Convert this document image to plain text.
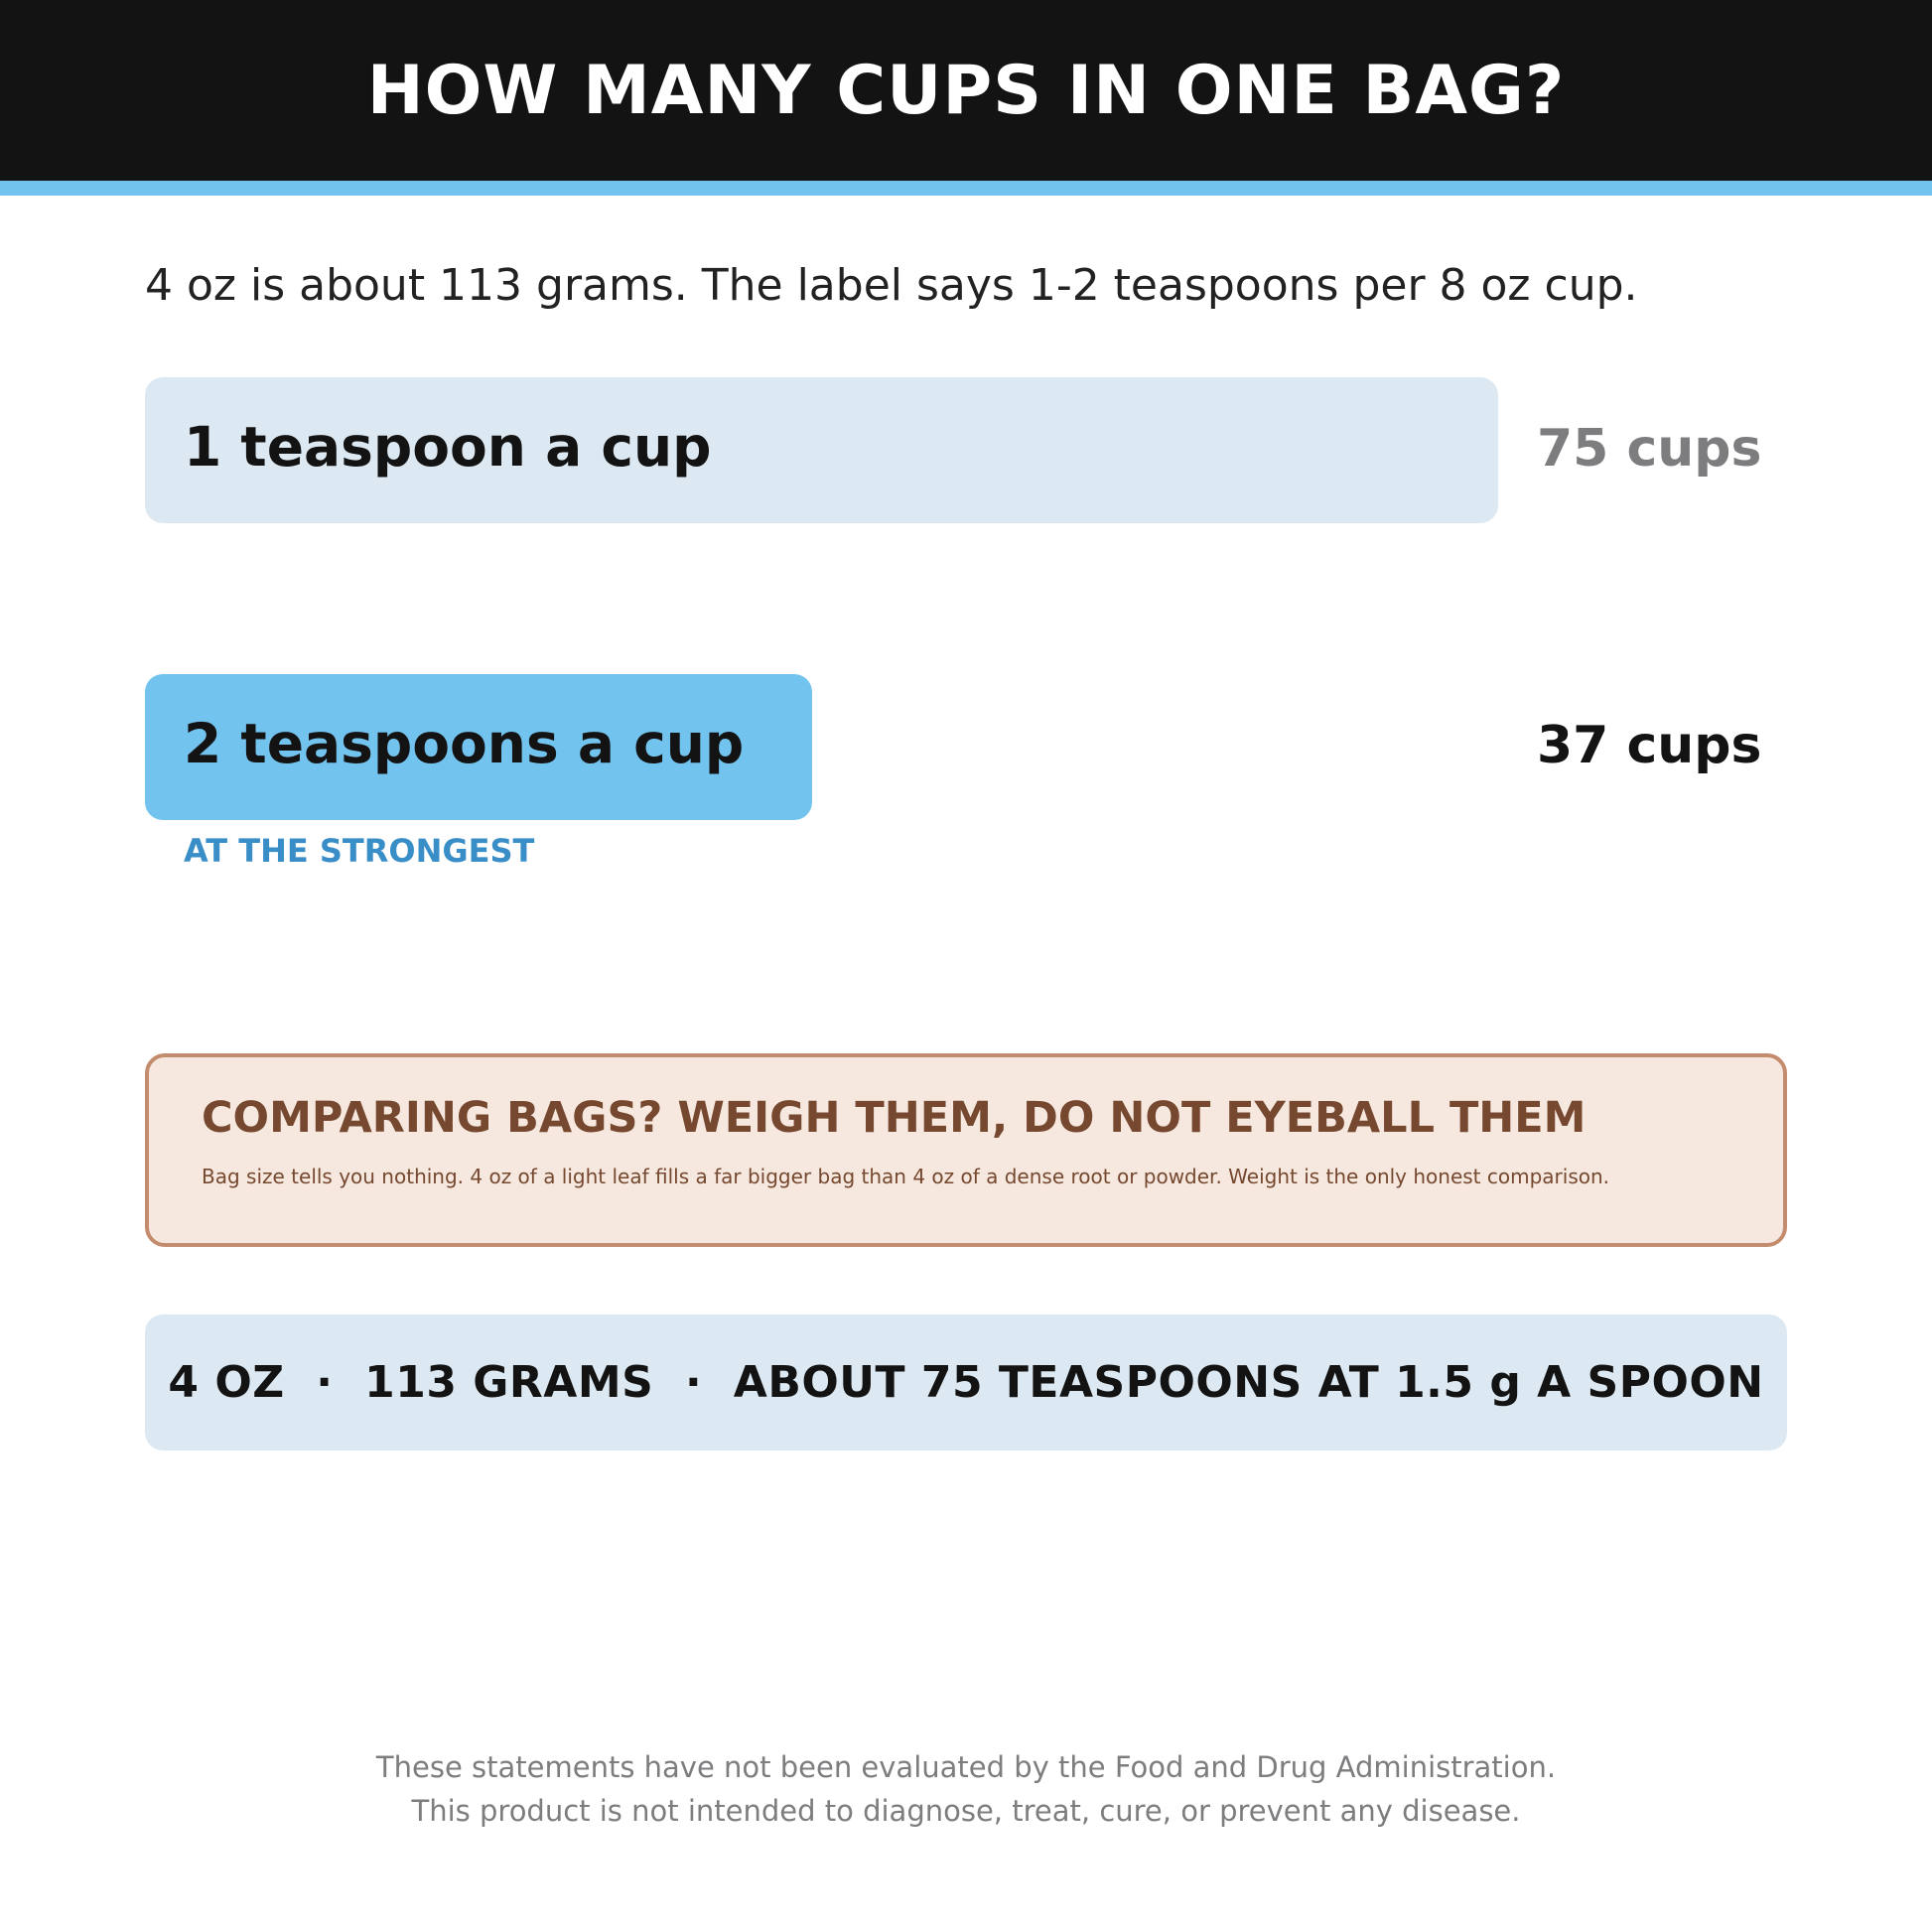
HOW MANY CUPS IN ONE BAG?

4 oz is about 113 grams. The label says 1-2 teaspoons per 8 oz cup.

1 teaspoon a cup	75 cups
2 teaspoons a cup	37 cups
AT THE STRONGEST

COMPARING BAGS? WEIGH THEM, DO NOT EYEBALL THEM

Bag size tells you nothing. 4 oz of a light leaf fills a far bigger bag than 4 oz of a dense root or powder. Weight is the only honest comparison.

4 OZ  ·  113 GRAMS  ·  ABOUT 75 TEASPOONS AT 1.5 g A SPOON

These statements have not been evaluated by the Food and Drug Administration.

This product is not intended to diagnose, treat, cure, or prevent any disease.
